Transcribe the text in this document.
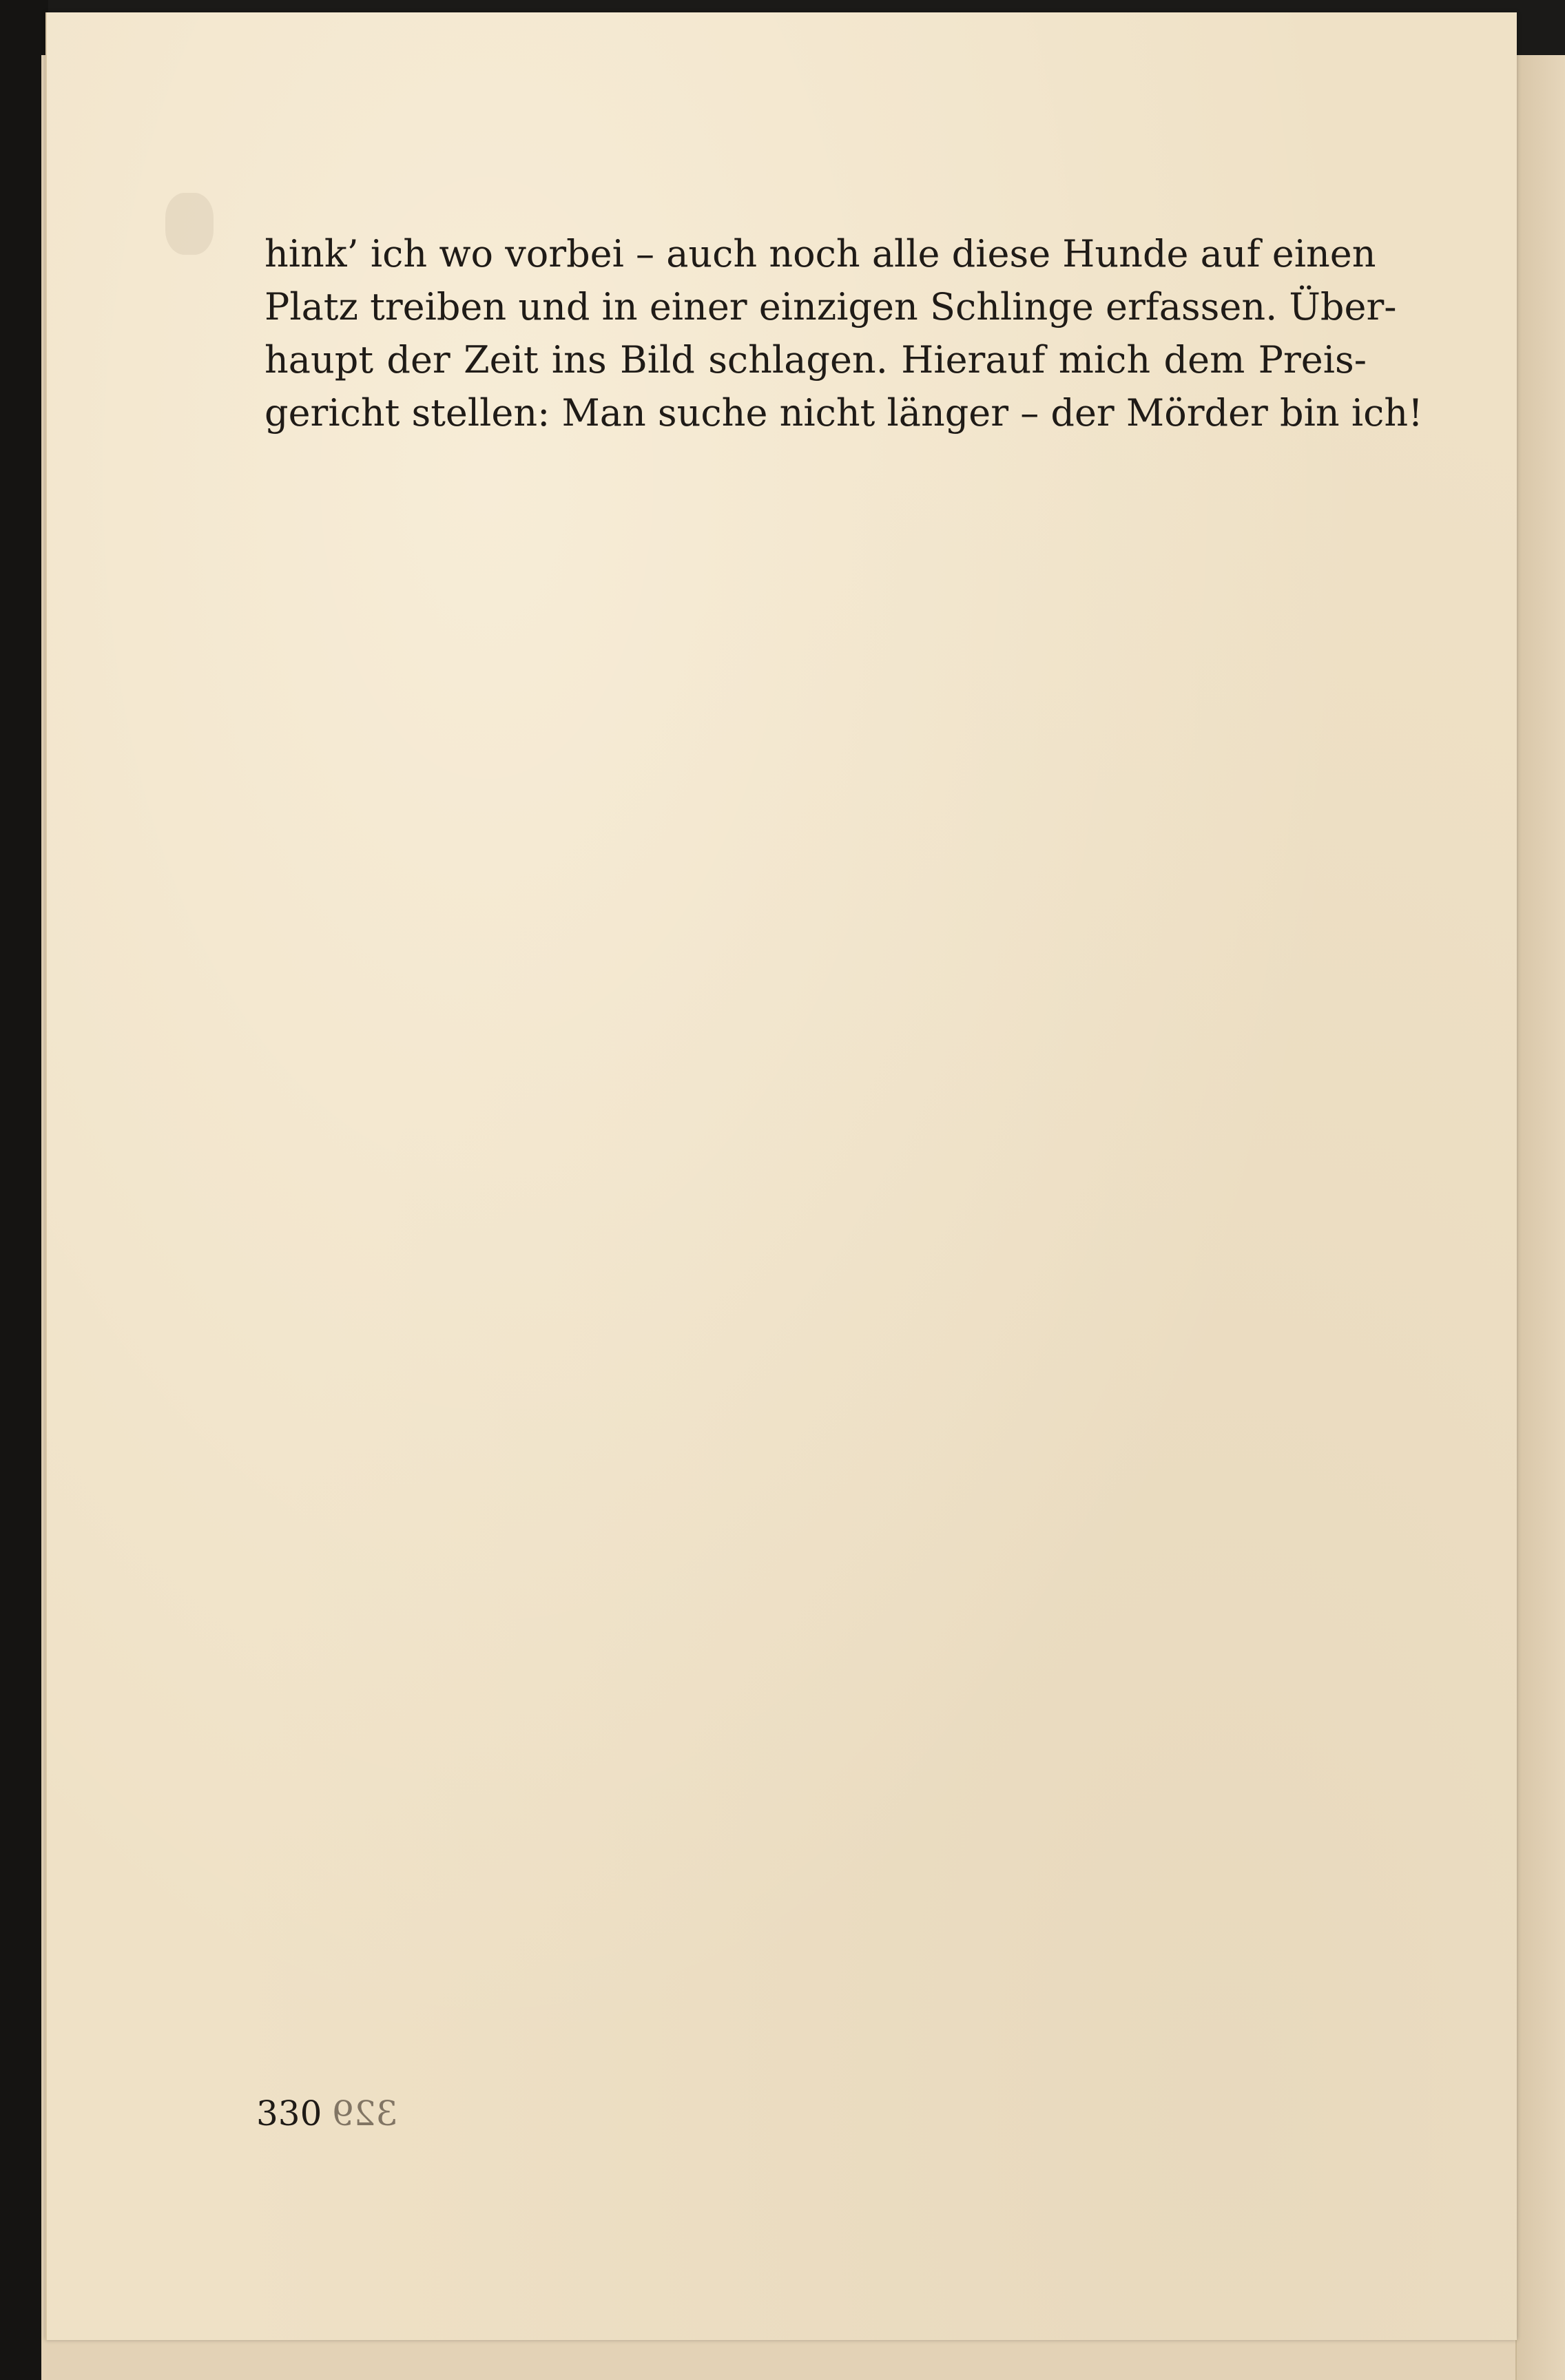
hink’ ich wo vorbei – auch noch alle diese Hunde auf einen
Platz treiben und in einer einzigen Schlinge erfassen. Über-
haupt der Zeit ins Bild schlagen. Hierauf mich dem Preis-
gericht stellen: Man suche nicht länger – der Mörder bin ich!
330 329
